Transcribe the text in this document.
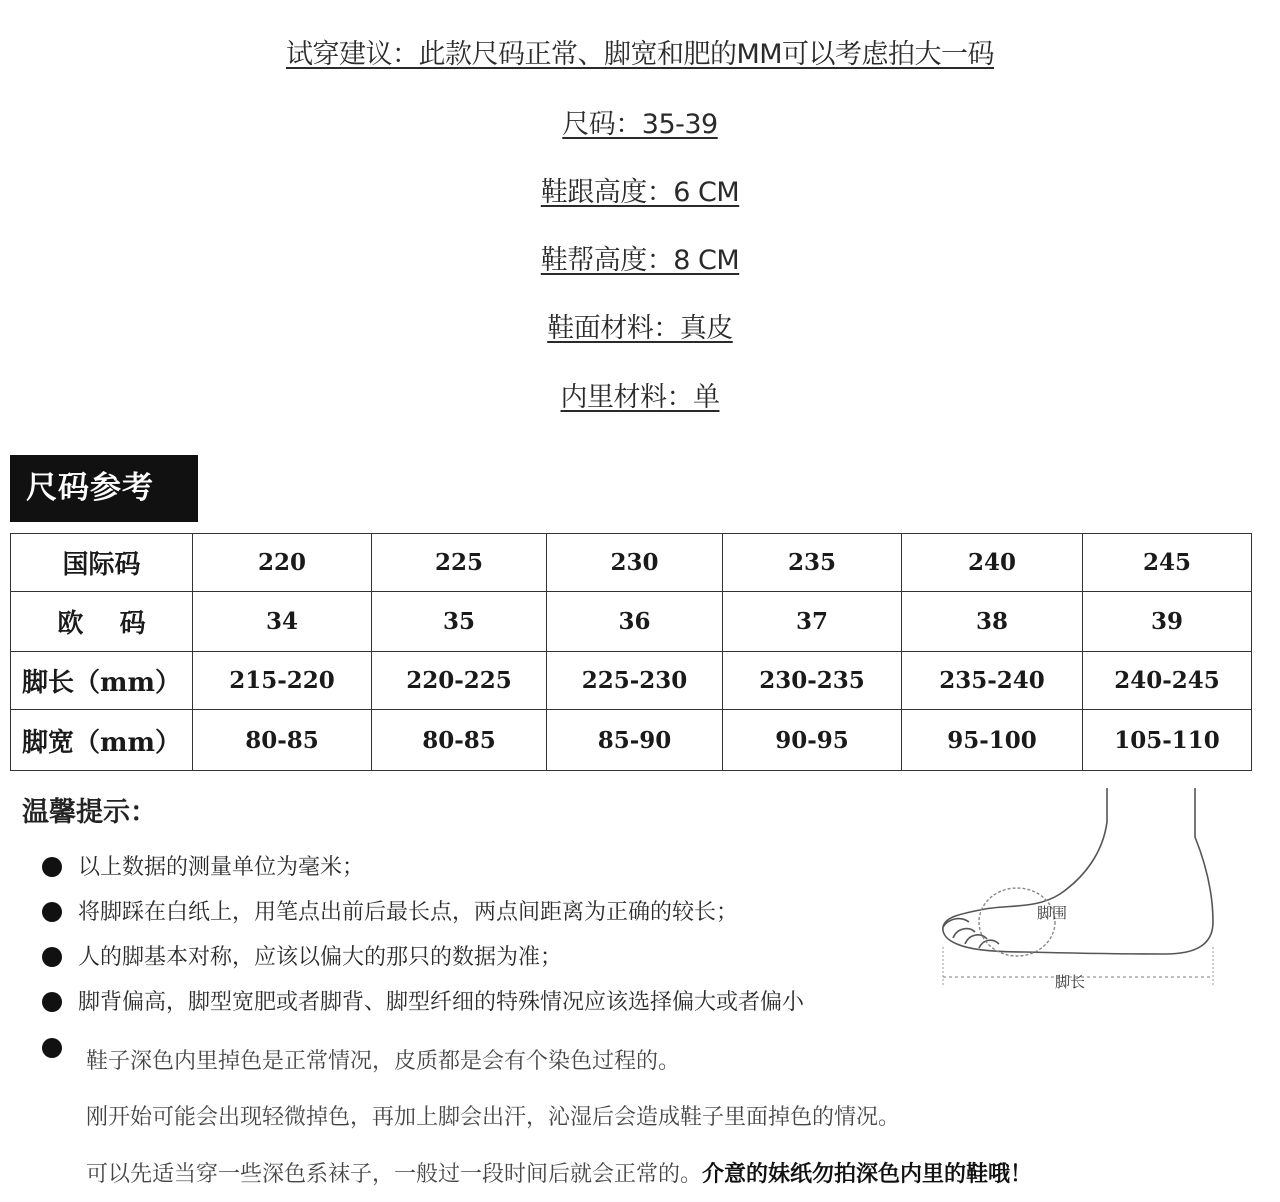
试穿建议：此款尺码正常、脚宽和肥的MM可以考虑拍大一码
尺码：35-39
鞋跟高度：6 CM
鞋帮高度：8 CM
鞋面材料：真皮
内里材料：单
尺码参考
国际码	220	225	230	235	240	245
欧    码	34	35	36	37	38	39
脚长（mm）	215-220	220-225	225-230	230-235	235-240	240-245
脚宽（mm）	80-85	80-85	85-90	90-95	95-100	105-110
温馨提示：
以上数据的测量单位为毫米；
将脚踩在白纸上，用笔点出前后最长点，两点间距离为正确的较长；
人的脚基本对称，应该以偏大的那只的数据为准；
脚背偏高，脚型宽肥或者脚背、脚型纤细的特殊情况应该选择偏大或者偏小
鞋子深色内里掉色是正常情况，皮质都是会有个染色过程的。
刚开始可能会出现轻微掉色，再加上脚会出汗，沁湿后会造成鞋子里面掉色的情况。
可以先适当穿一些深色系袜子，一般过一段时间后就会正常的。介意的妹纸勿拍深色内里的鞋哦！
脚围
脚长
